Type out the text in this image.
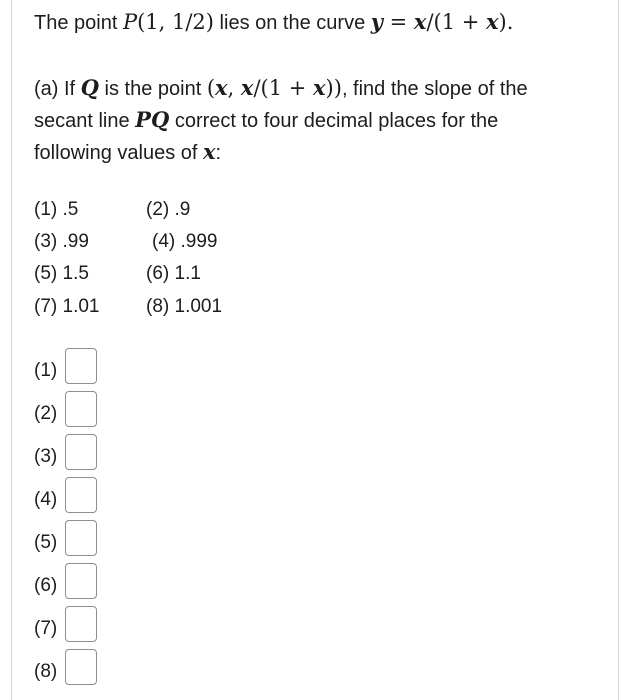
The point P(1, 1/2) lies on the curve y = x/(1 + x).
(a) If Q is the point (x, x/(1 + x)), find the slope of the
secant line PQ correct to four decimal places for the
following values of x:
(1) .5	(2) .9
(3) .99	(4) .999
(5) 1.5	(6) 1.1
(7) 1.01 (8) 1.001
(1)
(2)
(3)
(4)
(5)
(6)
(7)
(8)
